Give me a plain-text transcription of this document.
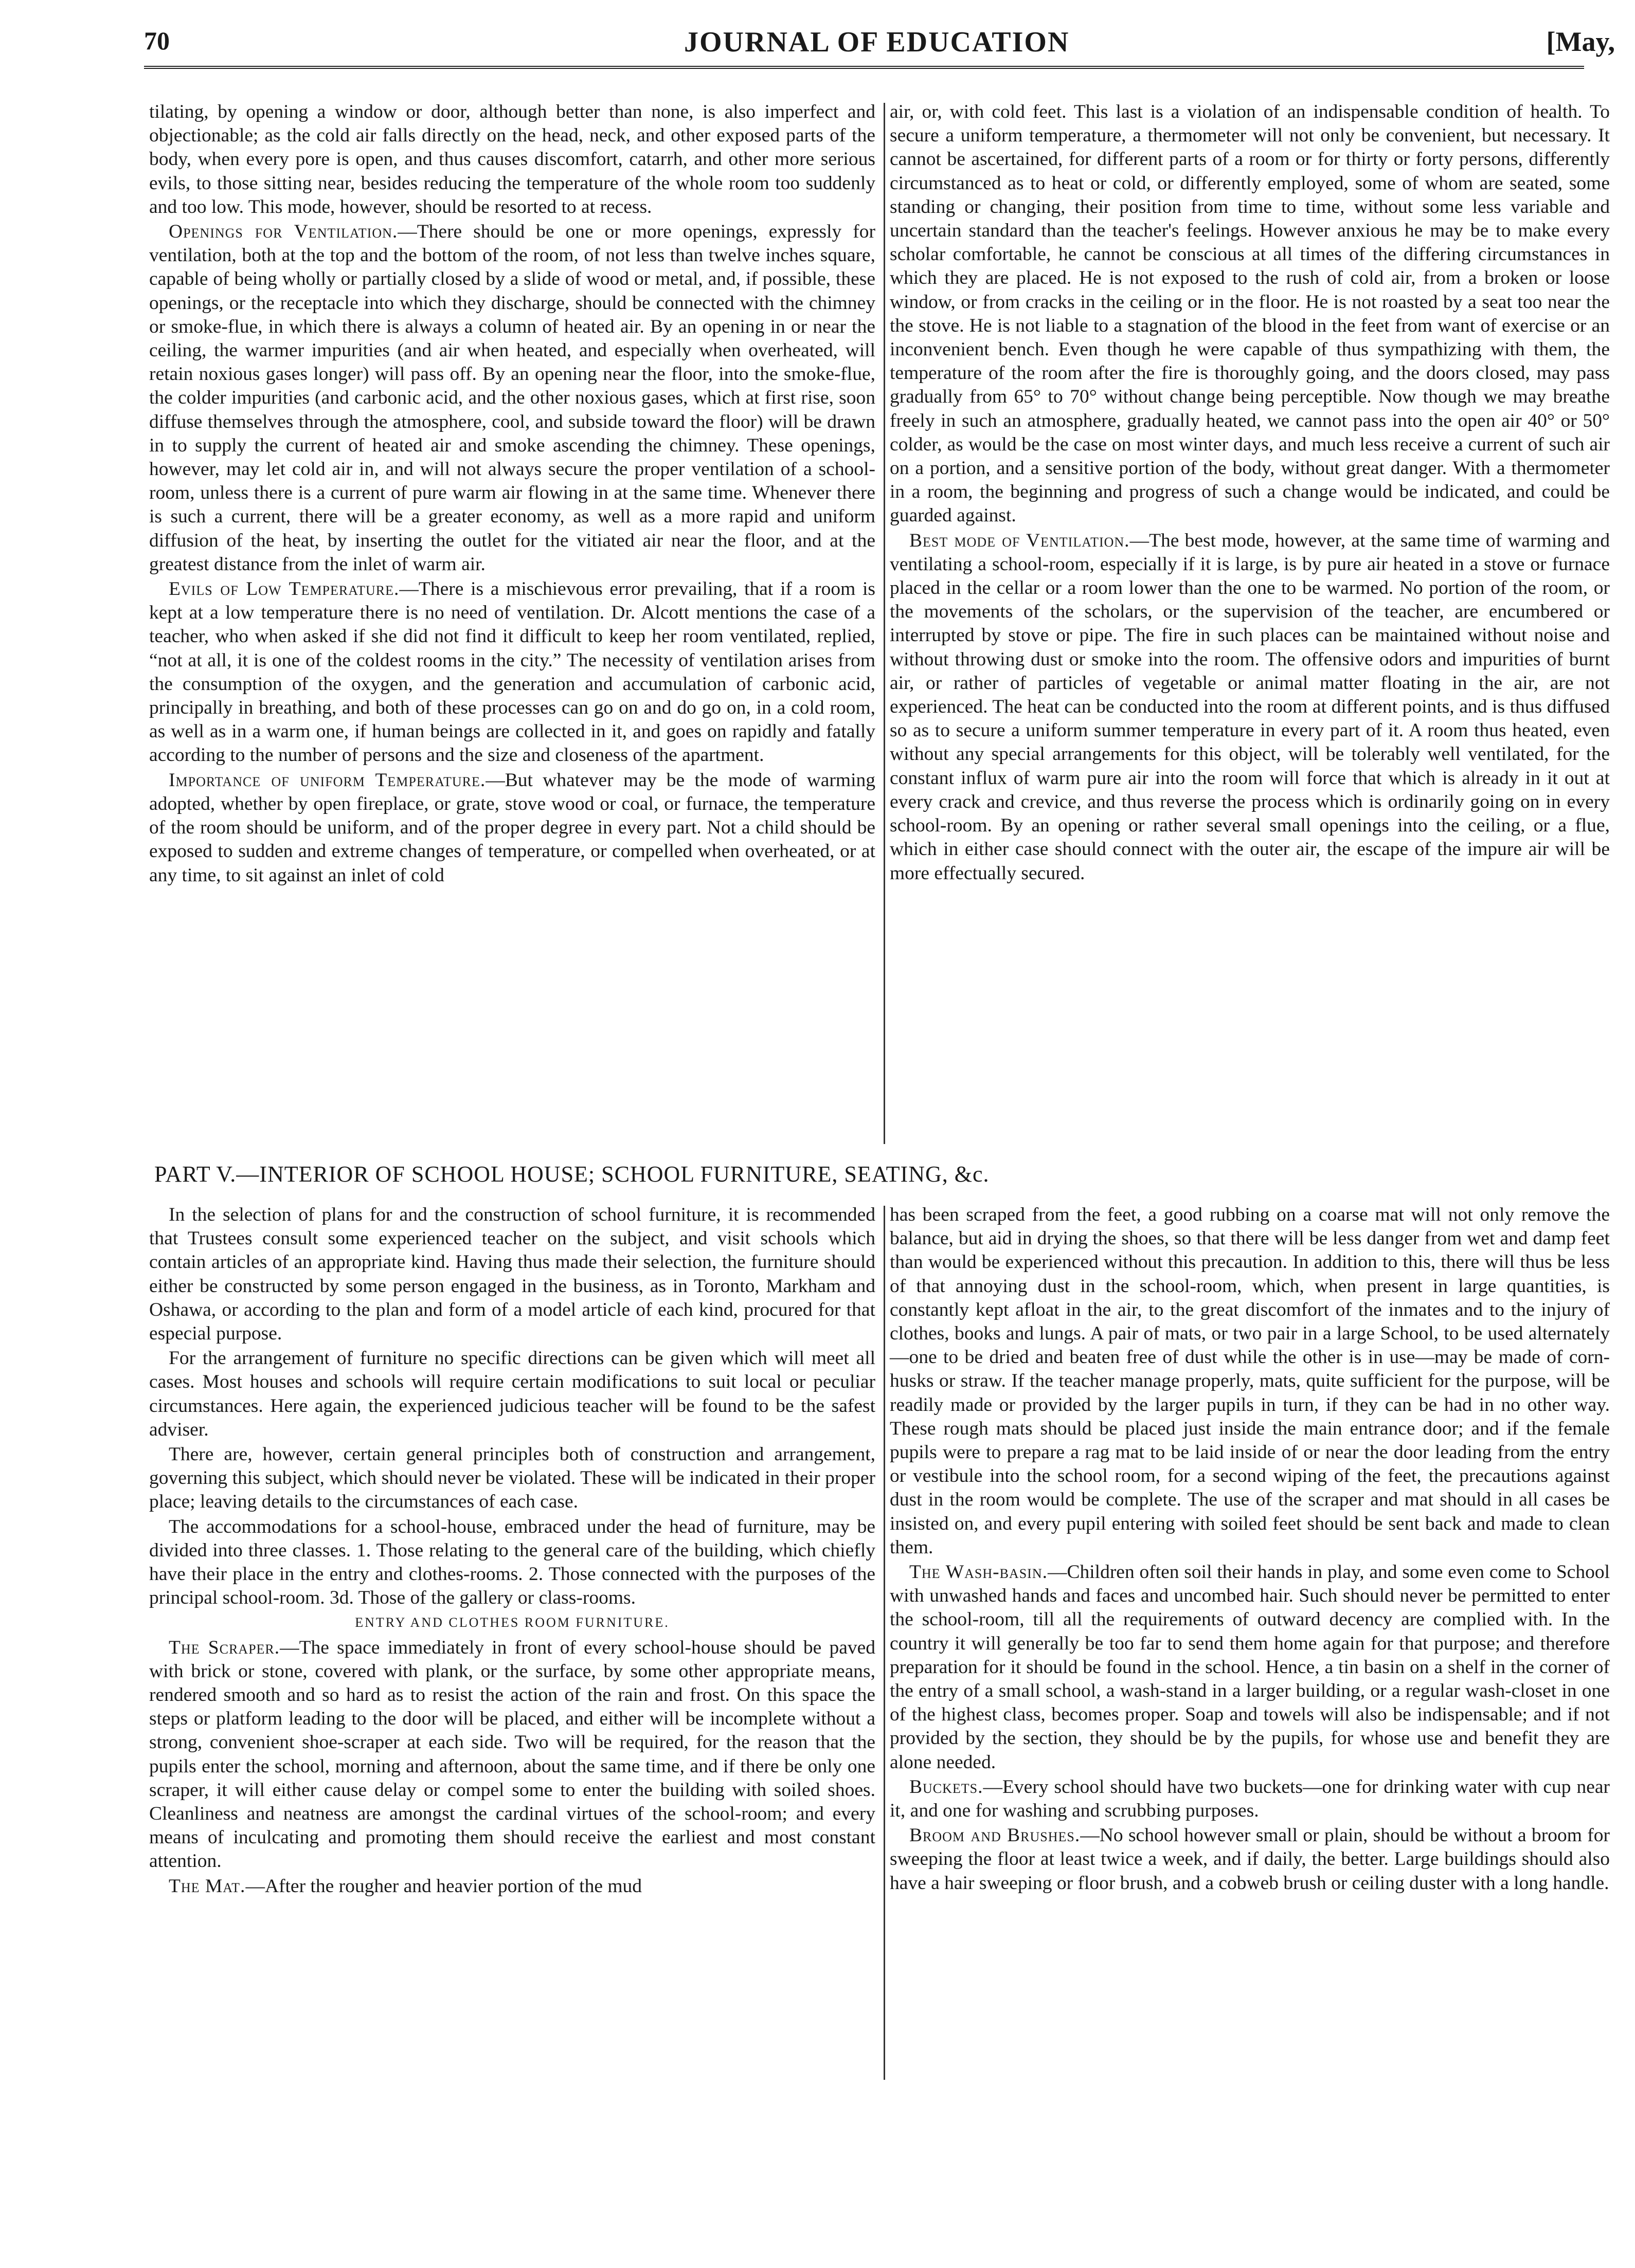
70	JOURNAL OF EDUCATION	[May,

tilating, by opening a window or door, although better than none, is also imperfect and objectionable; as the cold air falls directly on the head, neck, and other exposed parts of the body, when every pore is open, and thus causes discomfort, catarrh, and other more serious evils, to those sitting near, besides reducing the temperature of the whole room too suddenly and too low. This mode, however, should be resorted to at recess.

Openings for Ventilation.—There should be one or more openings, expressly for ventilation, both at the top and the bottom of the room, of not less than twelve inches square, capable of being wholly or partially closed by a slide of wood or metal, and, if possible, these openings, or the receptacle into which they discharge, should be connected with the chimney or smoke-flue, in which there is always a column of heated air. By an opening in or near the ceiling, the warmer impurities (and air when heated, and especially when overheated, will retain noxious gases longer) will pass off. By an opening near the floor, into the smoke-flue, the colder impurities (and carbonic acid, and the other noxious gases, which at first rise, soon diffuse themselves through the atmosphere, cool, and subside toward the floor) will be drawn in to supply the current of heated air and smoke ascending the chimney. These openings, however, may let cold air in, and will not always secure the proper ventilation of a school-room, unless there is a current of pure warm air flowing in at the same time. Whenever there is such a current, there will be a greater economy, as well as a more rapid and uniform diffusion of the heat, by inserting the outlet for the vitiated air near the floor, and at the greatest distance from the inlet of warm air.

Evils of Low Temperature.—There is a mischievous error prevailing, that if a room is kept at a low temperature there is no need of ventilation. Dr. Alcott mentions the case of a teacher, who when asked if she did not find it difficult to keep her room ventilated, replied, “not at all, it is one of the coldest rooms in the city.” The necessity of ventilation arises from the consumption of the oxygen, and the generation and accumulation of carbonic acid, principally in breathing, and both of these processes can go on and do go on, in a cold room, as well as in a warm one, if human beings are collected in it, and goes on rapidly and fatally according to the number of persons and the size and closeness of the apartment.

Importance of uniform Temperature.—But whatever may be the mode of warming adopted, whether by open fireplace, or grate, stove wood or coal, or furnace, the temperature of the room should be uniform, and of the proper degree in every part. Not a child should be exposed to sudden and extreme changes of temperature, or compelled when overheated, or at any time, to sit against an inlet of cold

air, or, with cold feet. This last is a violation of an indispensable condition of health. To secure a uniform temperature, a thermometer will not only be convenient, but necessary. It cannot be ascertained, for different parts of a room or for thirty or forty persons, differently circumstanced as to heat or cold, or differently employed, some of whom are seated, some standing or changing, their position from time to time, without some less variable and uncertain standard than the teacher's feelings. However anxious he may be to make every scholar comfortable, he cannot be conscious at all times of the differing circumstances in which they are placed. He is not exposed to the rush of cold air, from a broken or loose window, or from cracks in the ceiling or in the floor. He is not roasted by a seat too near the the stove. He is not liable to a stagnation of the blood in the feet from want of exercise or an inconvenient bench. Even though he were capable of thus sympathizing with them, the temperature of the room after the fire is thoroughly going, and the doors closed, may pass gradually from 65° to 70° without change being perceptible. Now though we may breathe freely in such an atmosphere, gradually heated, we cannot pass into the open air 40° or 50° colder, as would be the case on most winter days, and much less receive a current of such air on a portion, and a sensitive portion of the body, without great danger. With a thermometer in a room, the beginning and progress of such a change would be indicated, and could be guarded against.

Best mode of Ventilation.—The best mode, however, at the same time of warming and ventilating a school-room, especially if it is large, is by pure air heated in a stove or furnace placed in the cellar or a room lower than the one to be warmed. No portion of the room, or the movements of the scholars, or the supervision of the teacher, are encumbered or interrupted by stove or pipe. The fire in such places can be maintained without noise and without throwing dust or smoke into the room. The offensive odors and impurities of burnt air, or rather of particles of vegetable or animal matter floating in the air, are not experienced. The heat can be conducted into the room at different points, and is thus diffused so as to secure a uniform summer temperature in every part of it. A room thus heated, even without any special arrangements for this object, will be tolerably well ventilated, for the constant influx of warm pure air into the room will force that which is already in it out at every crack and crevice, and thus reverse the process which is ordinarily going on in every school-room. By an opening or rather several small openings into the ceiling, or a flue, which in either case should connect with the outer air, the escape of the impure air will be more effectually secured.

PART V.—INTERIOR OF SCHOOL HOUSE; SCHOOL FURNITURE, SEATING, &c.

In the selection of plans for and the construction of school furniture, it is recommended that Trustees consult some experienced teacher on the subject, and visit schools which contain articles of an appropriate kind. Having thus made their selection, the furniture should either be constructed by some person engaged in the business, as in Toronto, Markham and Oshawa, or according to the plan and form of a model article of each kind, procured for that especial purpose.

For the arrangement of furniture no specific directions can be given which will meet all cases. Most houses and schools will require certain modifications to suit local or peculiar circumstances. Here again, the experienced judicious teacher will be found to be the safest adviser.

There are, however, certain general principles both of construction and arrangement, governing this subject, which should never be violated. These will be indicated in their proper place; leaving details to the circumstances of each case.

The accommodations for a school-house, embraced under the head of furniture, may be divided into three classes. 1. Those relating to the general care of the building, which chiefly have their place in the entry and clothes-rooms. 2. Those connected with the purposes of the principal school-room. 3d. Those of the gallery or class-rooms.

ENTRY AND CLOTHES ROOM FURNITURE.

The Scraper.—The space immediately in front of every school-house should be paved with brick or stone, covered with plank, or the surface, by some other appropriate means, rendered smooth and so hard as to resist the action of the rain and frost. On this space the steps or platform leading to the door will be placed, and either will be incomplete without a strong, convenient shoe-scraper at each side. Two will be required, for the reason that the pupils enter the school, morning and afternoon, about the same time, and if there be only one scraper, it will either cause delay or compel some to enter the building with soiled shoes. Cleanliness and neatness are amongst the cardinal virtues of the school-room; and every means of inculcating and promoting them should receive the earliest and most constant attention.

The Mat.—After the rougher and heavier portion of the mud

has been scraped from the feet, a good rubbing on a coarse mat will not only remove the balance, but aid in drying the shoes, so that there will be less danger from wet and damp feet than would be experienced without this precaution. In addition to this, there will thus be less of that annoying dust in the school-room, which, when present in large quantities, is constantly kept afloat in the air, to the great discomfort of the inmates and to the injury of clothes, books and lungs. A pair of mats, or two pair in a large School, to be used alternately—one to be dried and beaten free of dust while the other is in use—may be made of corn-husks or straw. If the teacher manage properly, mats, quite sufficient for the purpose, will be readily made or provided by the larger pupils in turn, if they can be had in no other way. These rough mats should be placed just inside the main entrance door; and if the female pupils were to prepare a rag mat to be laid inside of or near the door leading from the entry or vestibule into the school room, for a second wiping of the feet, the precautions against dust in the room would be complete. The use of the scraper and mat should in all cases be insisted on, and every pupil entering with soiled feet should be sent back and made to clean them.

The Wash-basin.—Children often soil their hands in play, and some even come to School with unwashed hands and faces and uncombed hair. Such should never be permitted to enter the school-room, till all the requirements of outward decency are complied with. In the country it will generally be too far to send them home again for that purpose; and therefore preparation for it should be found in the school. Hence, a tin basin on a shelf in the corner of the entry of a small school, a wash-stand in a larger building, or a regular wash-closet in one of the highest class, becomes proper. Soap and towels will also be indispensable; and if not provided by the section, they should be by the pupils, for whose use and benefit they are alone needed.

Buckets.—Every school should have two buckets—one for drinking water with cup near it, and one for washing and scrubbing purposes.

Broom and Brushes.—No school however small or plain, should be without a broom for sweeping the floor at least twice a week, and if daily, the better. Large buildings should also have a hair sweeping or floor brush, and a cobweb brush or ceiling duster with a long handle.
